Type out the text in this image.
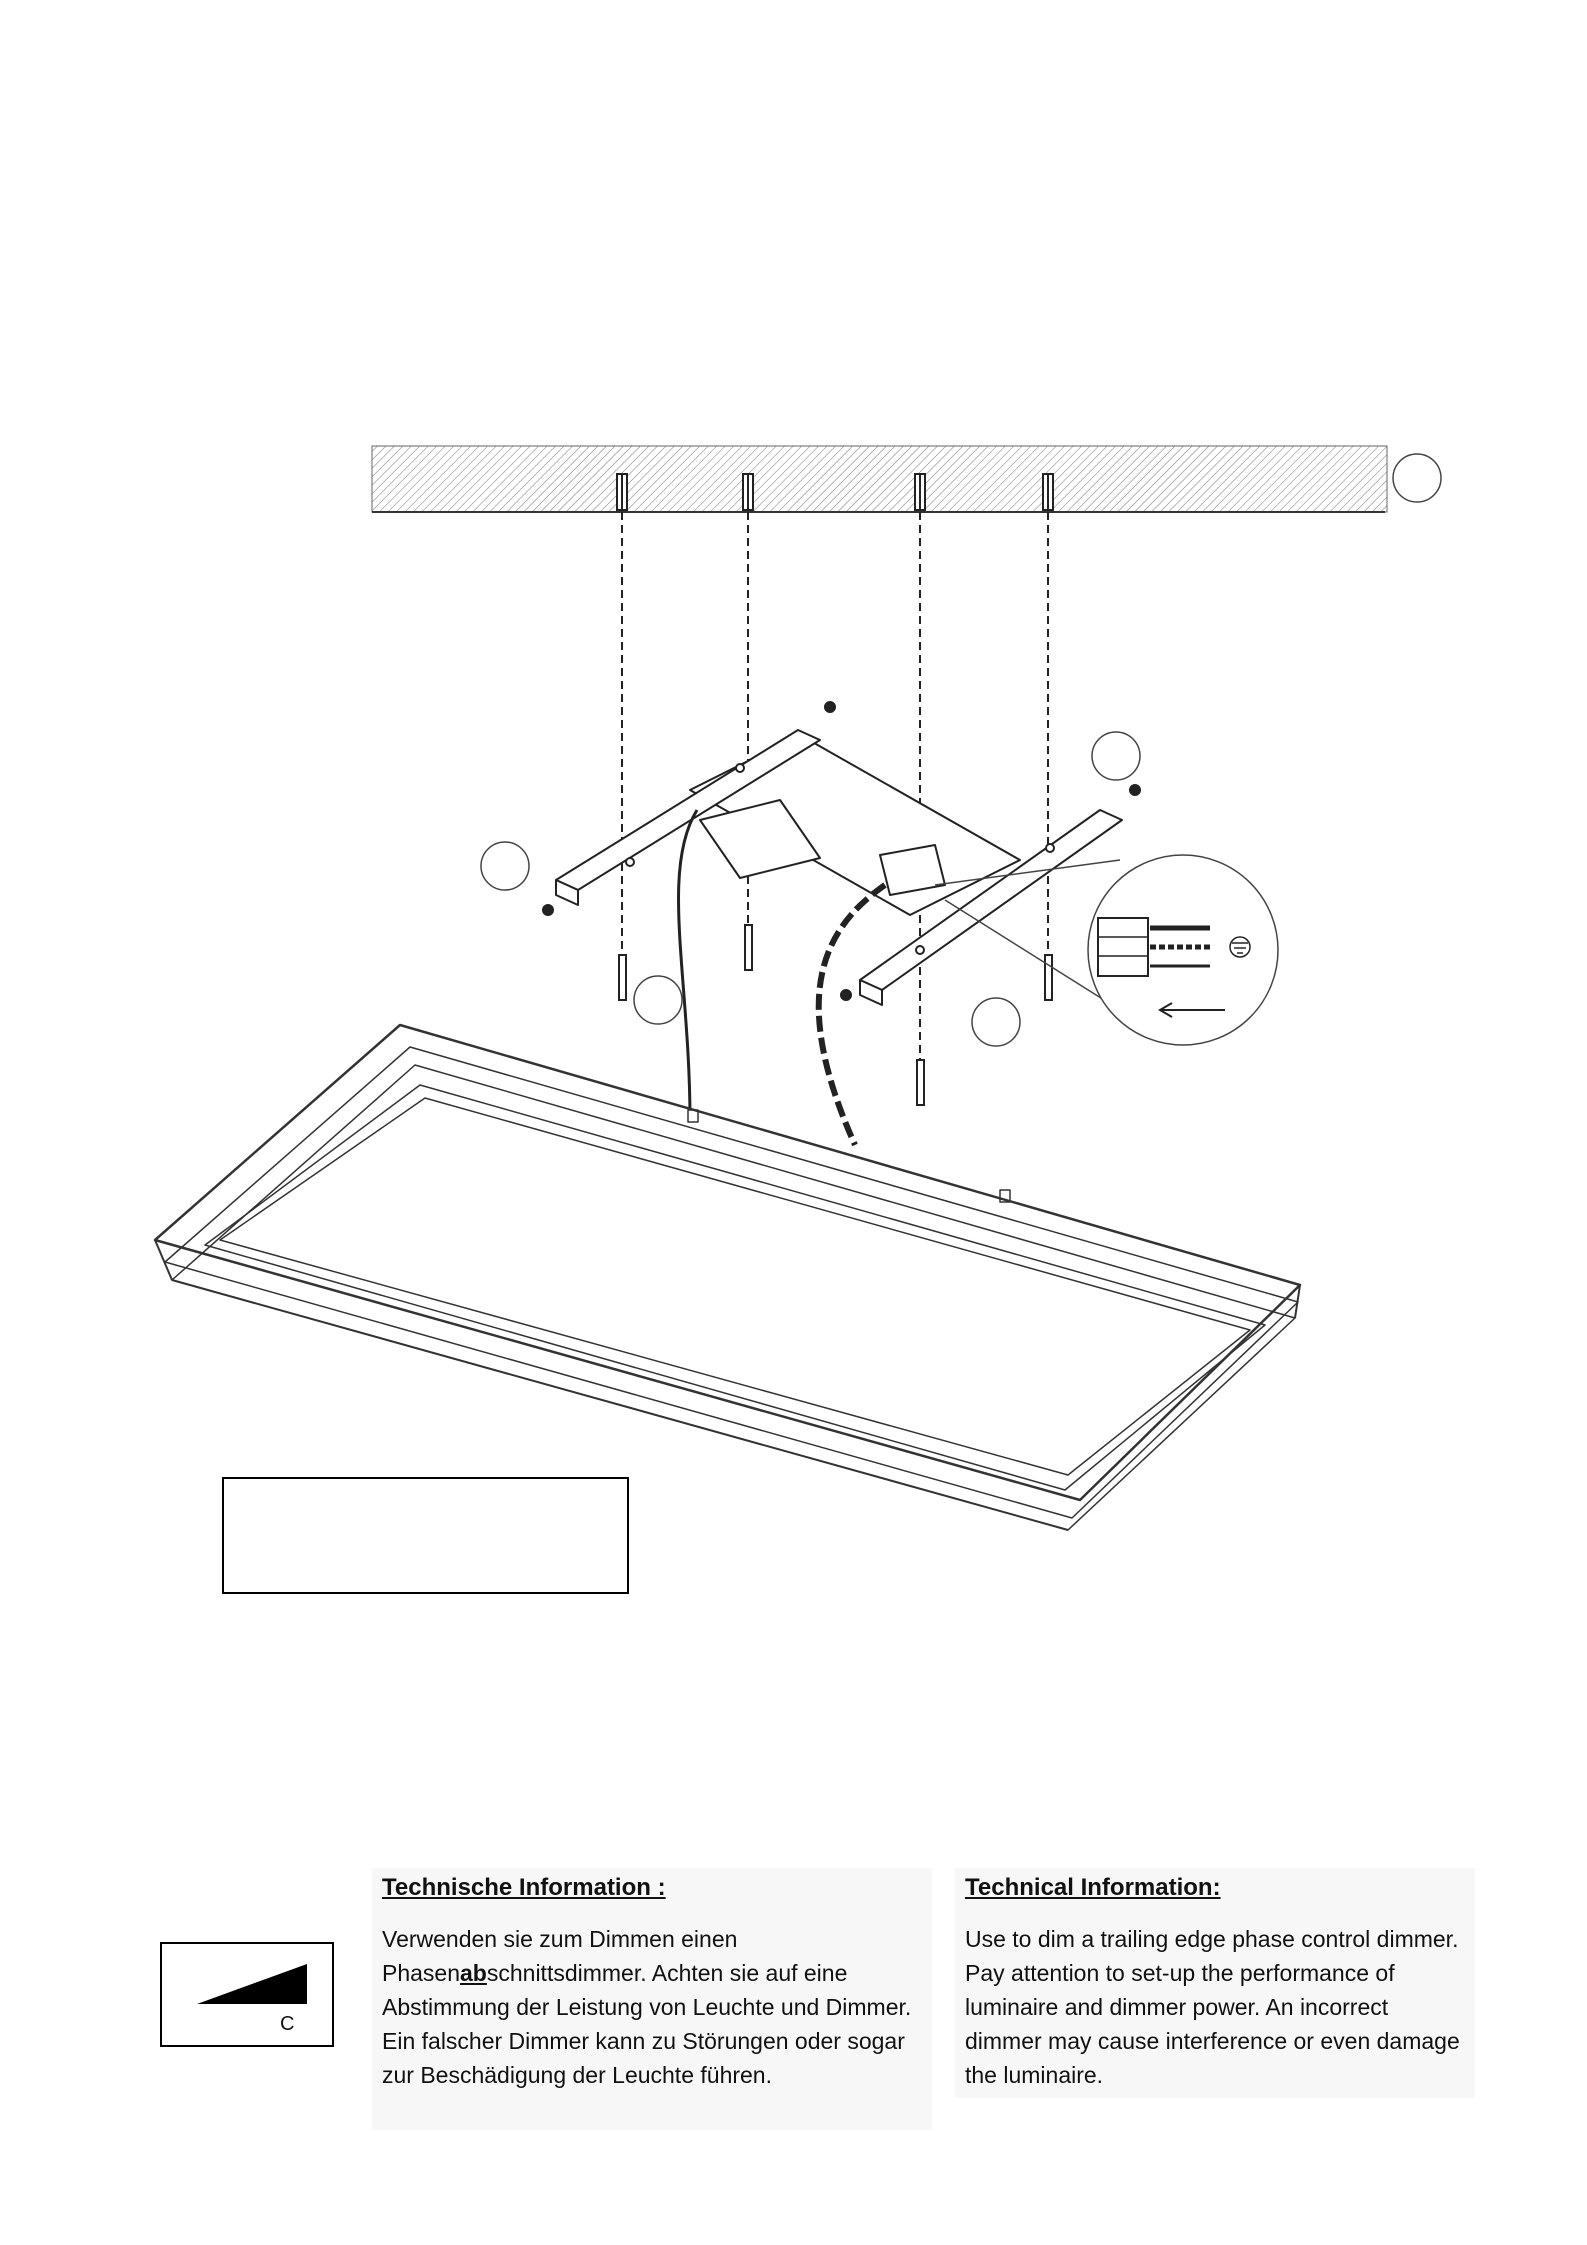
C
Technische Information :

Verwenden sie zum Dimmen einen Phasenabschnittsdimmer. Achten sie auf eine Abstimmung der Leistung von Leuchte und Dimmer. Ein falscher Dimmer kann zu Störungen oder sogar zur Beschädigung der Leuchte führen.

Technical Information:

Use to dim a trailing edge phase control dimmer. Pay attention to set-up the performance of luminaire and dimmer power. An incorrect dimmer may cause interference or even damage the luminaire.
